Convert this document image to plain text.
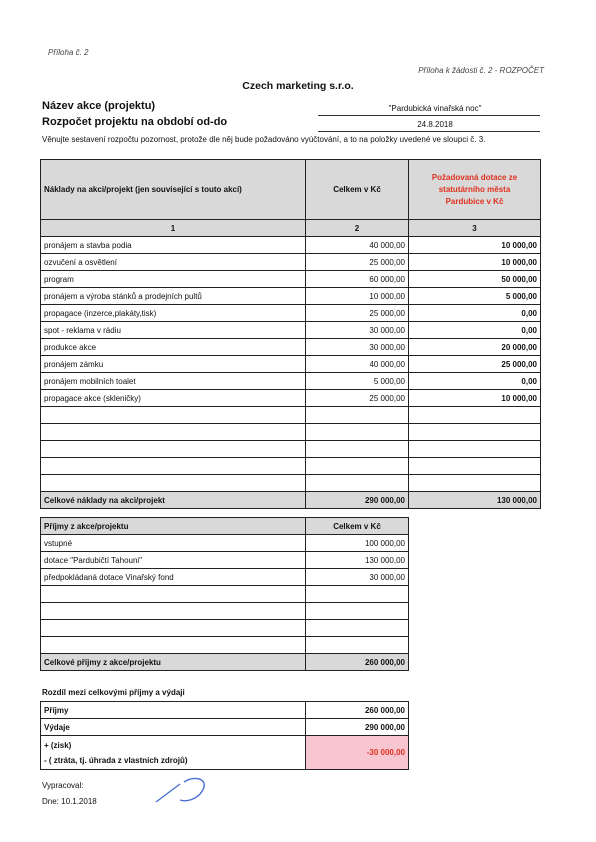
Příloha č. 2
Příloha k žádosti č. 2 - ROZPOČET
Czech marketing s.r.o.
Název akce (projektu)	"Pardubická vinařská noc"
Rozpočet projektu na období od-do	24.8.2018
Věnujte sestavení rozpočtu pozornost, protože dle něj bude požadováno vyúčtování, a to na položky uvedené ve sloupci č. 3.
Náklady na akci/projekt (jen související s touto akcí)	Celkem v Kč	Požadovaná dotace ze statutárního města Pardubice v Kč
1	2	3
pronájem a stavba podia	40 000,00	10 000,00
ozvučení a osvětlení	25 000,00	10 000,00
program	60 000,00	50 000,00
pronájem a výroba stánků a prodejních pultů	10 000,00	5 000,00
propagace (inzerce,plakáty,tisk)	25 000,00	0,00
spot - reklama v rádiu	30 000,00	0,00
produkce akce	30 000,00	20 000,00
pronájem zámku	40 000,00	25 000,00
pronájem mobilních toalet	5 000,00	0,00
propagace akce (skleničky)	25 000,00	10 000,00

Celkové náklady na akci/projekt	290 000,00	130 000,00
Příjmy z akce/projektu	Celkem v Kč
vstupné	100 000,00
dotace "Pardubičtí Tahouni"	130 000,00
předpokládaná dotace Vinařský fond	30 000,00

Celkové příjmy z akce/projektu	260 000,00
Rozdíl mezi celkovými příjmy a výdaji
Příjmy	260 000,00
Výdaje	290 000,00

+ (zisk)
- ( ztráta, tj. úhrada z vlastních zdrojů)	-30 000,00
Vypracoval:
Dne: 10.1.2018
